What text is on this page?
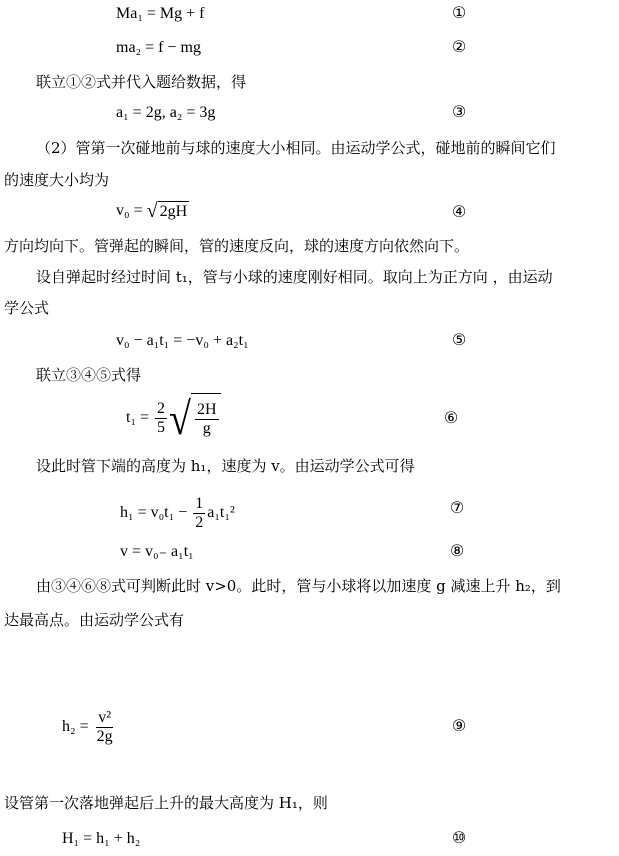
Ma₁ = Mg + f	①
ma₂ = f − mg	②
联立①②式并代入题给数据，得
a₁ = 2g, a₂ = 3g	③
（2）管第一次碰地前与球的速度大小相同。由运动学公式，碰地前的瞬间它们
的速度大小均为
v₀ = √ 2gH	④
方向均向下。管弹起的瞬间，管的速度反向，球的速度方向依然向下。
设自弹起时经过时间 t₁，管与小球的速度刚好相同。取向上为正方向 ，由运动
学公式
v₀ − a₁t₁ = −v₀ + a₂t₁	⑤
联立③④⑤式得
$t_1 = \frac{2}{5}$ √ $\frac{2H}{g}$	⑥
设此时管下端的高度为 h₁，速度为 v。由运动学公式可得
$h_1 = v_0t_1 - \frac{1}{2} a_1t_1^2$	⑦
v = v₀₋ a₁t₁	⑧
由③④⑥⑧式可判断此时 v>0。此时，管与小球将以加速度 g 减速上升 h₂，到
达最高点。由运动学公式有
$h_2 = \frac{\text{v²}}{2g}$	⑨
设管第一次落地弹起后上升的最大高度为 H₁，则
H₁ = h₁ + h₂	⑩
